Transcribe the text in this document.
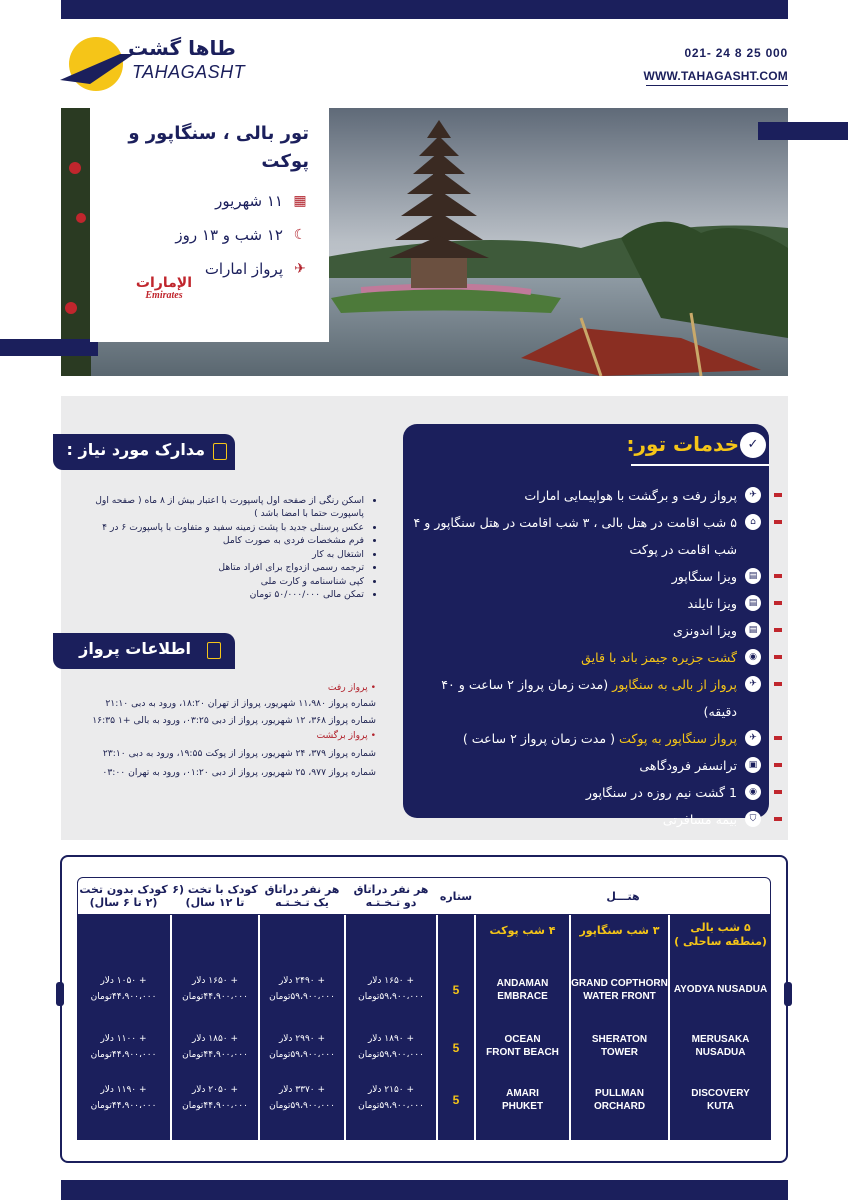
طاها گشت
TAHAGASHT
021- 24 8 25 000
WWW.TAHAGASHT.COM
تور بالی ، سنگاپور و پوکت
▦
۱۱ شهریور
☾
۱۲ شب و ۱۳ روز
✈
پرواز امارات
الإمارات
Emirates
✓
خدمات تور:
✈
پرواز رفت و برگشت با هواپیمایی امارات
⌂
۵ شب اقامت در هتل بالی ، ۳ شب اقامت در هتل سنگاپور و ۴ شب اقامت در پوکت
▤
ویزا سنگاپور
▤
ویزا تایلند
▤
ویزا اندونزی
◉
گشت جزیره جیمز باند با قایق
✈
پرواز از بالی به سنگاپور (مدت زمان پرواز ۲ ساعت و ۴۰ دقیقه)
✈
پرواز سنگاپور به پوکت ( مدت زمان پرواز ۲ ساعت )
▣
ترانسفر فرودگاهی
◉
1 گشت نیم روزه در سنگاپور
⛉
بیمه مسافرتی
مدارک مورد نیاز :
• اسکن رنگی از صفحه اول پاسپورت با اعتبار بیش از ۸ ماه ( صفحه اول پاسپورت حتما با امضا باشد )
• عکس پرسنلی جدید با پشت زمینه سفید و متفاوت با پاسپورت ۶ در ۴
• فرم مشخصات فردی به صورت کامل
• اشتغال به کار
• ترجمه رسمی ازدواج برای افراد متاهل
• کپی شناسنامه و کارت ملی
• تمکن مالی ۵۰/۰۰۰/۰۰۰ تومان
اطلاعات پرواز
• پرواز رفت
شماره پرواز ۱۱،۹۸۰ شهریور، پرواز از تهران ۱۸:۲۰، ورود به دبی ۲۱:۱۰
شماره پرواز ۳۶۸، ۱۲ شهریور، پرواز از دبی ۰۳:۲۵، ورود به بالی +۱ ۱۶:۳۵
• پرواز برگشت
شماره پرواز ۳۷۹، ۲۴ شهریور، پرواز از پوکت ۱۹:۵۵، ورود به دبی ۲۳:۱۰
شماره پرواز ۹۷۷، ۲۵ شهریور، پرواز از دبی ۰۱:۲۰، ورود به تهران ۰۳:۰۰
کودک بدون تخت (۲ تا ۶ سال)
کودک با تخت (۶ تا ۱۲ سال)
هر نفر دراتاق یک تـخـتـه
هر نفر دراتاق دو تـخـتـه	ستاره	هتـــل
۵ شب بالی (منطقه ساحلی )
۳ شب سنگاپور
۴ شب پوکت
AYODYA NUSADUA
GRAND COPTHORN WATER FRONT
ANDAMAN EMBRACE
5
+ ۱۶۵۰ دلار
۵۹،۹۰۰،۰۰۰تومان
+ ۲۴۹۰ دلار
۵۹،۹۰۰،۰۰۰تومان
+ ۱۶۵۰ دلار
۴۴،۹۰۰،۰۰۰تومان
+ ۱۰۵۰ دلار
۴۴،۹۰۰،۰۰۰تومان
MERUSAKA NUSADUA
SHERATON TOWER
OCEAN FRONT BEACH
5
+ ۱۸۹۰ دلار
۵۹،۹۰۰،۰۰۰تومان
+ ۲۹۹۰ دلار
۵۹،۹۰۰،۰۰۰تومان
+ ۱۸۵۰ دلار
۴۴،۹۰۰،۰۰۰تومان
+ ۱۱۰۰ دلار
۴۴،۹۰۰،۰۰۰تومان
DISCOVERY KUTA
PULLMAN ORCHARD
AMARI PHUKET
5
+ ۲۱۵۰ دلار
۵۹،۹۰۰،۰۰۰تومان
+ ۳۳۷۰ دلار
۵۹،۹۰۰،۰۰۰تومان
+ ۲۰۵۰ دلار
۴۴،۹۰۰،۰۰۰تومان
+ ۱۱۹۰ دلار
۴۴،۹۰۰،۰۰۰تومان
